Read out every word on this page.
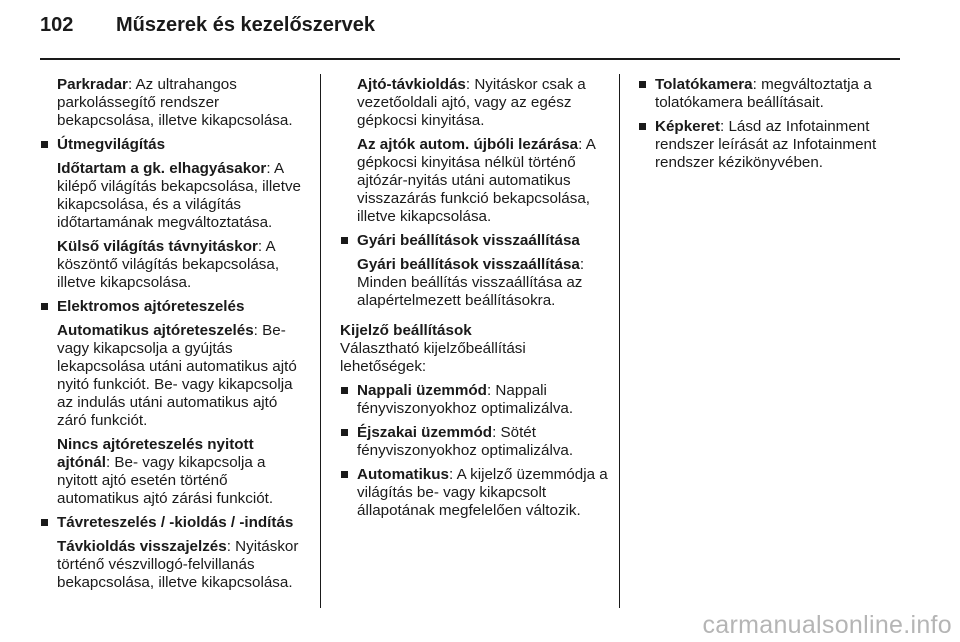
102	Műszerek és kezelőszervek

Parkradar: Az ultrahangos parkolássegítő rendszer bekapcsolása, illetve kikapcsolása.

Útmegvilágítás

Időtartam a gk. elhagyásakor: A kilépő világítás bekapcsolása, illetve kikapcsolása, és a világítás időtartamának megváltoztatása.

Külső világítás távnyitáskor: A köszöntő világítás bekapcsolása, illetve kikapcsolása.

Elektromos ajtóreteszelés

Automatikus ajtóreteszelés: Be- vagy kikapcsolja a gyújtás lekapcsolása utáni automatikus ajtó nyitó funkciót. Be- vagy kikapcsolja az indulás utáni automatikus ajtó záró funkciót.

Nincs ajtóreteszelés nyitott ajtónál: Be- vagy kikapcsolja a nyitott ajtó esetén történő automatikus ajtó zárási funkciót.

Távreteszelés / -kioldás / -indítás

Távkioldás visszajelzés: Nyitáskor történő vészvillogó-felvillanás bekapcsolása, illetve kikapcsolása.

Ajtó-távkioldás: Nyitáskor csak a vezetőoldali ajtó, vagy az egész gépkocsi kinyitása.

Az ajtók autom. újbóli lezárása: A gépkocsi kinyitása nélkül történő ajtózár-nyitás utáni automatikus visszazárás funkció bekapcsolása, illetve kikapcsolása.

Gyári beállítások visszaállítása

Gyári beállítások visszaállítása: Minden beállítás visszaállítása az alapértelmezett beállításokra.

Kijelző beállítások

Választható kijelzőbeállítási lehetőségek:

Nappali üzemmód: Nappali fényviszonyokhoz optimalizálva.
Éjszakai üzemmód: Sötét fényviszonyokhoz optimalizálva.
Automatikus: A kijelző üzemmódja a világítás be- vagy kikapcsolt állapotának megfelelően változik.
Tolatókamera: megváltoztatja a tolatókamera beállításait.
Képkeret: Lásd az Infotainment rendszer leírását az Infotainment rendszer kézikönyvében.
carmanualsonline.info
